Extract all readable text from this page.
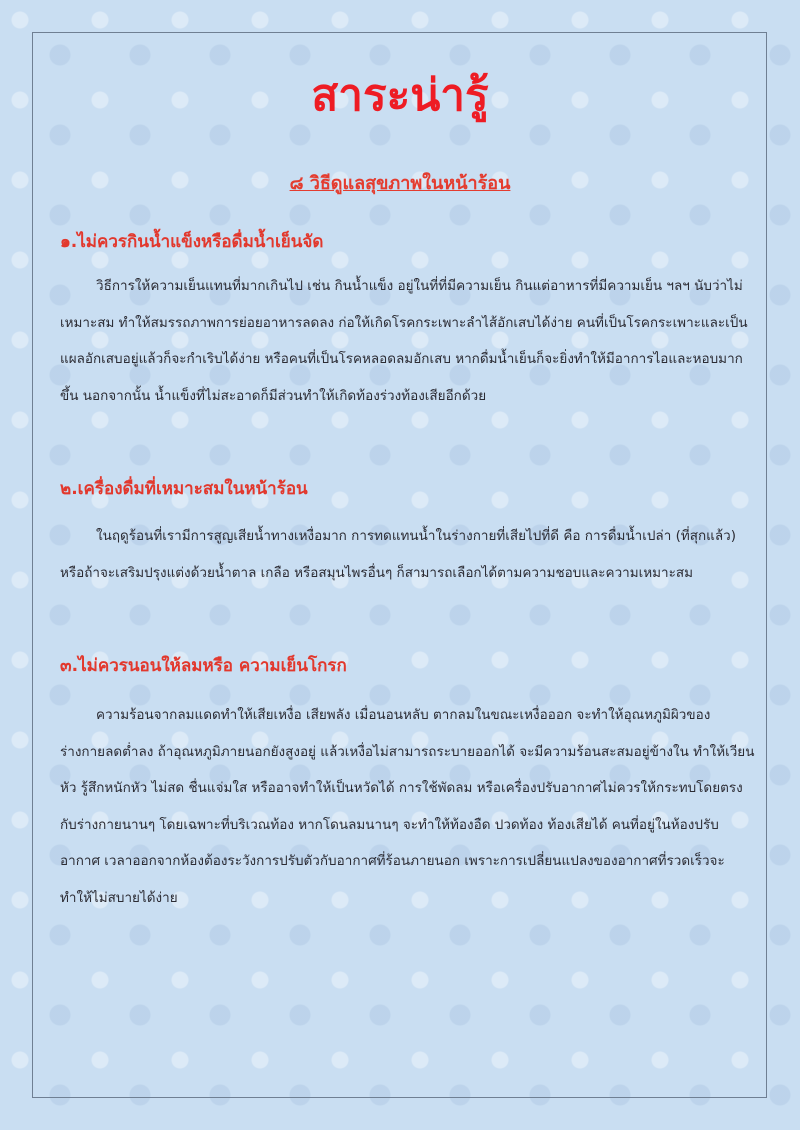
สาระน่ารู้
๘ วิธีดูแลสุขภาพในหน้าร้อน
๑.ไม่ควรกินน้ำแข็งหรือดื่มน้ำเย็นจัด

วิธีการให้ความเย็นแทนที่มากเกินไป เช่น กินน้ำแข็ง อยู่ในที่ที่มีความเย็น กินแต่อาหารที่มีความเย็น ฯลฯ นับว่าไม่เหมาะสม ทำให้สมรรถภาพการย่อยอาหารลดลง ก่อให้เกิดโรคกระเพาะลำไส้อักเสบได้ง่าย คนที่เป็นโรคกระเพาะและเป็นแผลอักเสบอยู่แล้วก็จะกำเริบได้ง่าย หรือคนที่เป็นโรคหลอดลมอักเสบ หากดื่มน้ำเย็นก็จะยิ่งทำให้มีอาการไอและหอบมากขึ้น นอกจากนั้น น้ำแข็งที่ไม่สะอาดก็มีส่วนทำให้เกิดท้องร่วงท้องเสียอีกด้วย

๒.เครื่องดื่มที่เหมาะสมในหน้าร้อน

ในฤดูร้อนที่เรามีการสูญเสียน้ำทางเหงื่อมาก การทดแทนน้ำในร่างกายที่เสียไปที่ดี คือ การดื่มน้ำเปล่า (ที่สุกแล้ว) หรือถ้าจะเสริมปรุงแต่งด้วยน้ำตาล เกลือ หรือสมุนไพรอื่นๆ ก็สามารถเลือกได้ตามความชอบและความเหมาะสม

๓.ไม่ควรนอนให้ลมหรือ ความเย็นโกรก

ความร้อนจากลมแดดทำให้เสียเหงื่อ เสียพลัง เมื่อนอนหลับ ตากลมในขณะเหงื่อออก จะทำให้อุณหภูมิผิวของร่างกายลดต่ำลง ถ้าอุณหภูมิภายนอกยังสูงอยู่ แล้วเหงื่อไม่สามารถระบายออกได้ จะมีความร้อนสะสมอยู่ข้างใน ทำให้เวียนหัว รู้สึกหนักหัว ไม่สด ชื่นแจ่มใส หรืออาจทำให้เป็นหวัดได้ การใช้พัดลม หรือเครื่องปรับอากาศไม่ควรให้กระทบโดยตรงกับร่างกายนานๆ โดยเฉพาะที่บริเวณท้อง หากโดนลมนานๆ จะทำให้ท้องอืด ปวดท้อง ท้องเสียได้ คนที่อยู่ในห้องปรับอากาศ เวลาออกจากห้องต้องระวังการปรับตัวกับอากาศที่ร้อนภายนอก เพราะการเปลี่ยนแปลงของอากาศที่รวดเร็วจะทำให้ไม่สบายได้ง่าย
